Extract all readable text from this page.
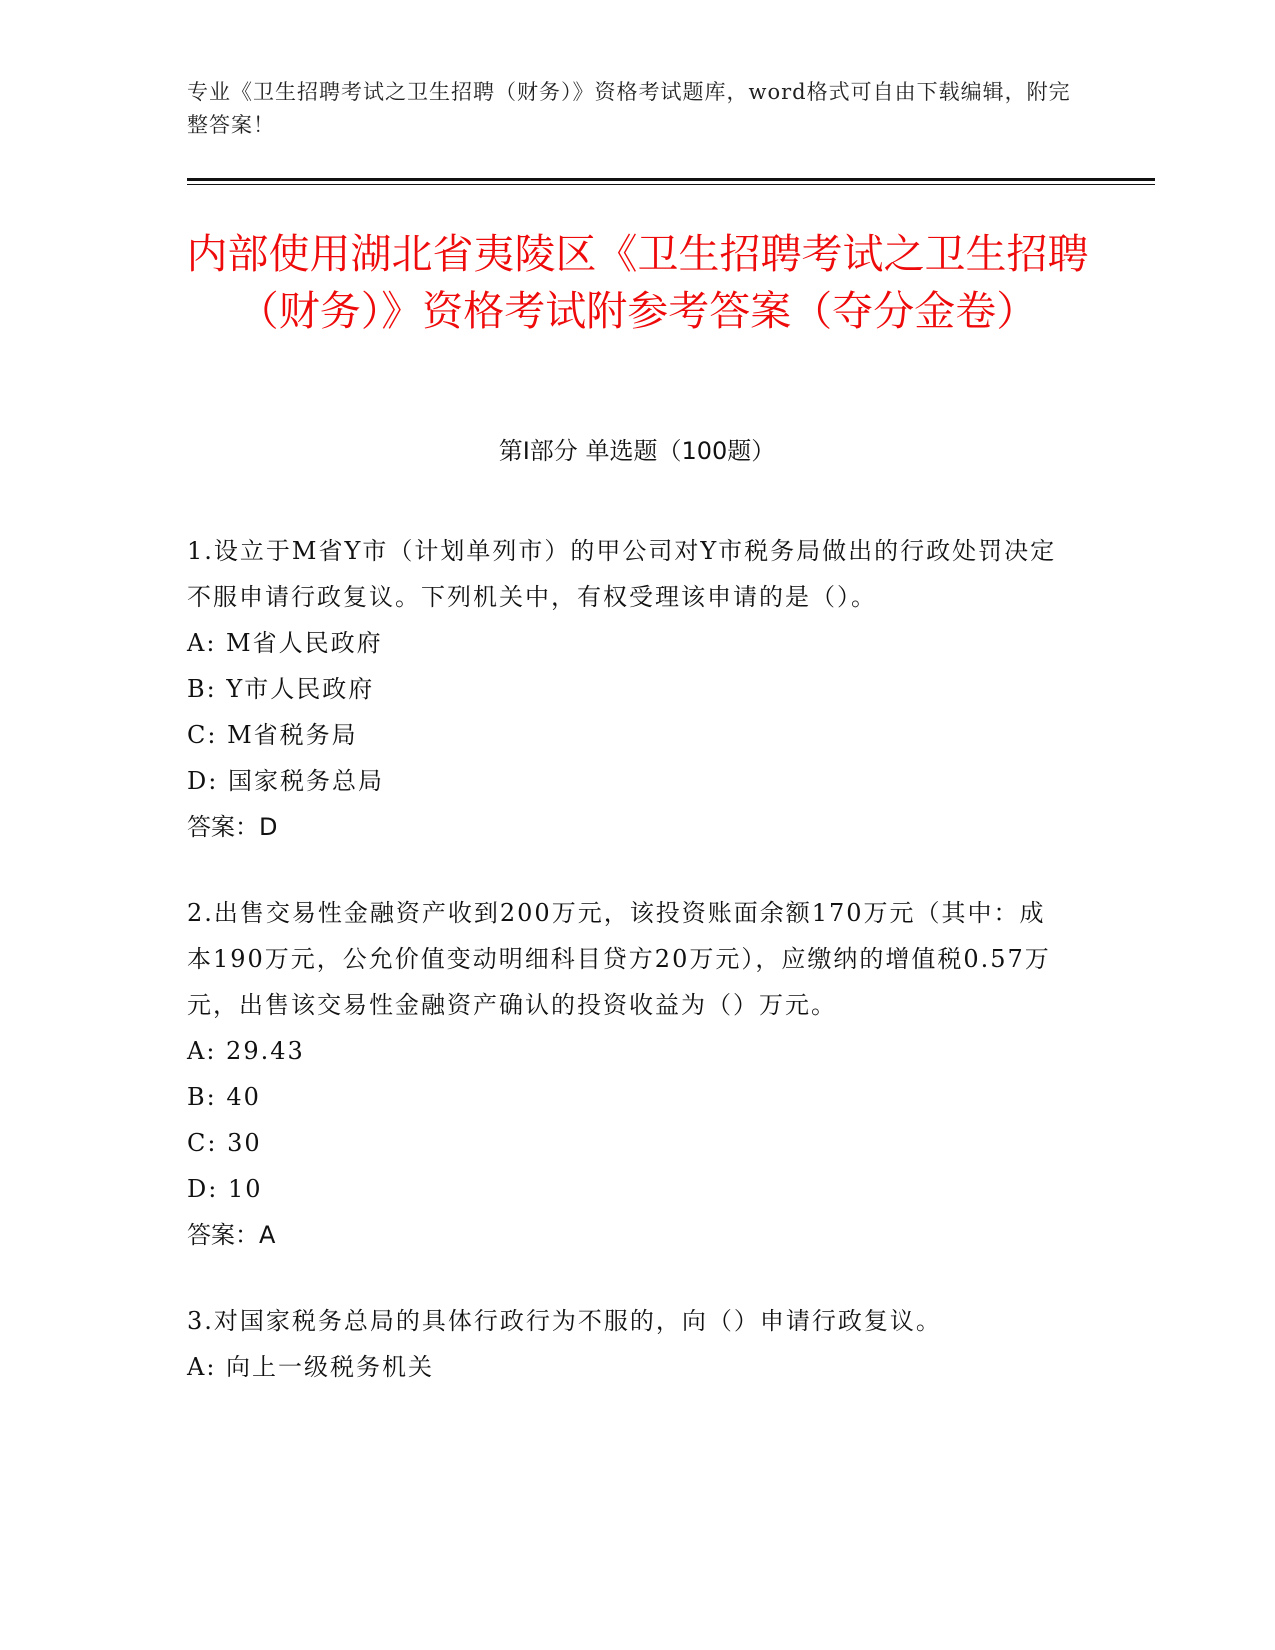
专业《卫生招聘考试之卫生招聘（财务）》资格考试题库，word格式可自由下载编辑，附完整答案！
内部使用湖北省夷陵区《卫生招聘考试之卫生招聘（财务）》资格考试附参考答案（夺分金卷）
第Ⅰ部分 单选题（100题）

1.设立于M省Y市（计划单列市）的甲公司对Y市税务局做出的行政处罚决定不服申请行政复议。下列机关中，有权受理该申请的是（）。

A: M省人民政府

B: Y市人民政府

C: M省税务局

D: 国家税务总局

答案：D

2.出售交易性金融资产收到200万元，该投资账面余额170万元（其中：成本190万元，公允价值变动明细科目贷方20万元），应缴纳的增值税0.57万元，出售该交易性金融资产确认的投资收益为（）万元。

A: 29.43

B: 40

C: 30

D: 10

答案：A

3.对国家税务总局的具体行政行为不服的，向（）申请行政复议。

A: 向上一级税务机关
